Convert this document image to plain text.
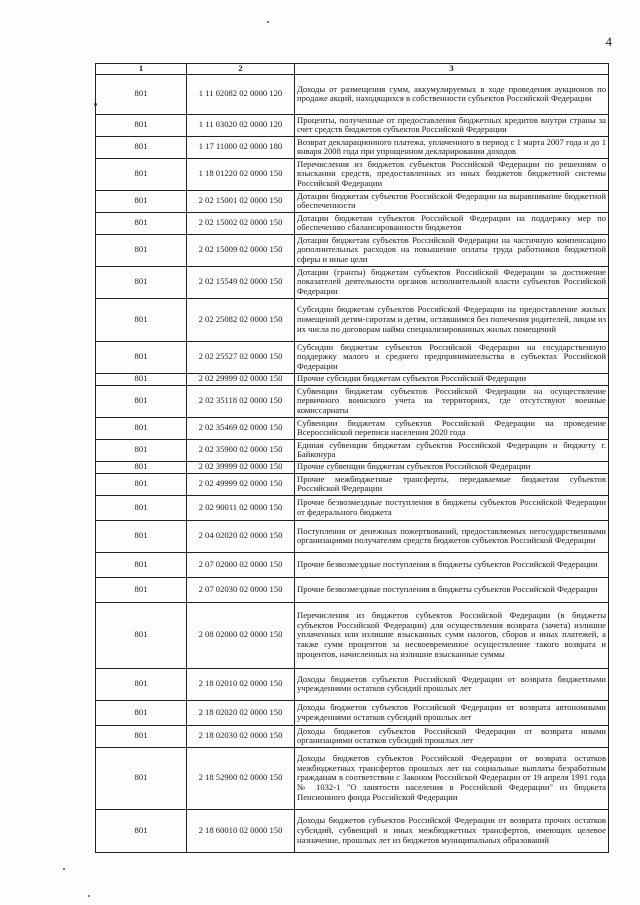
4
1	2	3
801	1 11 02082 02 0000 120	Доходы от размещения сумм, аккумулируемых в ходе проведения аукционов по продаже акций, находящихся в собственности субъектов Российской Федерации
801	1 11 03020 02 0000 120	Проценты, полученные от предоставления бюджетных кредитов внутри страны за счет средств бюджетов субъектов Российской Федерации
801	1 17 11000 02 0000 180	Возврат декларационного платежа, уплаченного в период с 1 марта 2007 года и до 1 января 2008 года при упрощенном декларировании доходов
801	1 18 01220 02 0000 150	Перечисления из бюджетов субъектов Российской Федерации по решениям о взыскании средств, предоставленных из иных бюджетов бюджетной системы Российской Федерации
801	2 02 15001 02 0000 150	Дотации бюджетам субъектов Российской Федерации на выравнивание бюджетной обеспеченности
801	2 02 15002 02 0000 150	Дотации бюджетам субъектов Российской Федерации на поддержку мер по обеспечению сбалансированности бюджетов
801	2 02 15009 02 0000 150	Дотации бюджетам субъектов Российской Федерации на частичную компенсацию дополнительных расходов на повышение оплаты труда работников бюджетной сферы и иные цели
801	2 02 15549 02 0000 150	Дотации (гранты) бюджетам субъектов Российской Федерации за достижение показателей деятельности органов исполнительной власти субъектов Российской Федерации
801	2 02 25082 02 0000 150	Субсидии бюджетам субъектов Российской Федерации на предоставление жилых помещений детям-сиротам и детям, оставшимся без попечения родителей, лицам из их числа по договорам найма специализированных жилых помещений
801	2 02 25527 02 0000 150	Субсидии бюджетам субъектов Российской Федерации на государственную поддержку малого и среднего предпринимательства в субъектах Российской Федерации
801	2 02 29999 02 0000 150	Прочие субсидии бюджетам субъектов Российской Федерации
801	2 02 35118 02 0000 150	Субвенции бюджетам субъектов Российской Федерации на осуществление первичного воинского учета на территориях, где отсутствуют военные комиссариаты
801	2 02 35469 02 0000 150	Субвенции бюджетам субъектов Российской Федерации на проведение Всероссийской переписи населения 2020 года
801	2 02 35900 02 0000 150	Единая субвенция бюджетам субъектов Российской Федерации и бюджету г. Байконура
801	2 02 39999 02 0000 150	Прочие субвенции бюджетам субъектов Российской Федерации
801	2 02 49999 02 0000 150	Прочие межбюджетные трансферты, передаваемые бюджетам субъектов Российской Федерации
801	2 02 90011 02 0000 150	Прочие безвозмездные поступления в бюджеты субъектов Российской Федерации от федерального бюджета
801	2 04 02020 02 0000 150	Поступления от денежных пожертвований, предоставляемых негосударственными организациями получателям средств бюджетов субъектов Российской Федерации
801	2 07 02000 02 0000 150	Прочие безвозмездные поступления в бюджеты субъектов Российской Федерации
801	2 07 02030 02 0000 150	Прочие безвозмездные поступления в бюджеты субъектов Российской Федерации
801	2 08 02000 02 0000 150	Перечисления из бюджетов субъектов Российской Федерации (в бюджеты субъектов Российской Федерации) для осуществления возврата (зачета) излишне уплаченных или излишне взысканных сумм налогов, сборов и иных платежей, а также сумм процентов за несвоевременное осуществление такого возврата и процентов, начисленных на излишне взысканные суммы
801	2 18 02010 02 0000 150	Доходы бюджетов субъектов Российской Федерации от возврата бюджетными учреждениями остатков субсидий прошлых лет
801	2 18 02020 02 0000 150	Доходы бюджетов субъектов Российской Федерации от возврата автономными учреждениями остатков субсидий прошлых лет
801	2 18 02030 02 0000 150	Доходы бюджетов субъектов Российской Федерации от возврата иными организациями остатков субсидий прошлых лет
801	2 18 52900 02 0000 150	Доходы бюджетов субъектов Российской Федерации от возврата остатков межбюджетных трансфертов прошлых лет на социальные выплаты безработным гражданам в соответствии с Законом Российской Федерации от 19 апреля 1991 года № 1032-1 "О занятости населения в Российской Федерации" из бюджета Пенсионного фонда Российской Федерации
801	2 18 60010 02 0000 150	Доходы бюджетов субъектов Российской Федерации от возврата прочих остатков субсидий, субвенций и иных межбюджетных трансфертов, имеющих целевое назначение, прошлых лет из бюджетов муниципальных образований
